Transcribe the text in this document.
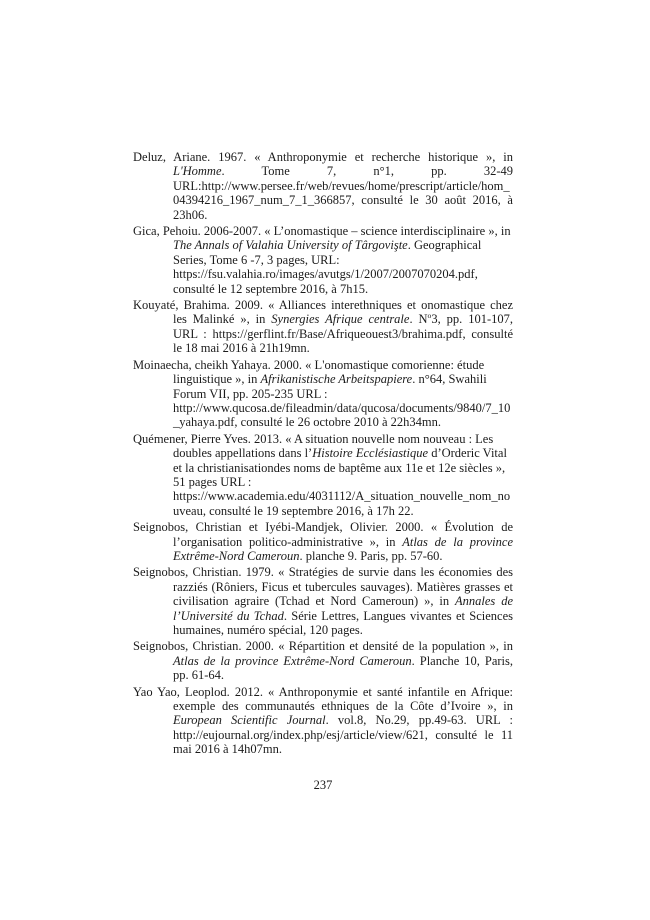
Deluz, Ariane. 1967. « Anthroponymie et recherche historique », in L'Homme. Tome 7, n°1, pp. 32-49 URL:http://www.persee.fr/web/revues/home/prescript/article/hom_04394216_1967_num_7_1_366857, consulté le 30 août 2016, à 23h06.

Gica, Pehoiu. 2006-2007. « L’onomastique – science interdisciplinaire », in The Annals of Valahia University of Târgovişte. Geographical Series, Tome 6 -7, 3 pages, URL:
https://fsu.valahia.ro/images/avutgs/1/2007/2007070204.pdf, consulté le 12 septembre 2016, à 7h15.

Kouyaté, Brahima. 2009. « Alliances interethniques et onomastique chez les Malinké », in Synergies Afrique centrale. $N^o3$, pp. 101-107, URL : https://gerflint.fr/Base/Afriqueouest3/brahima.pdf, consulté le 18 mai 2016 à 21h19mn.

Moinaecha, cheikh Yahaya. 2000. « L'onomastique comorienne: étude linguistique », in Afrikanistische Arbeitspapiere. n°64, Swahili Forum VII, pp. 205-235 URL :
http://www.qucosa.de/fileadmin/data/qucosa/documents/9840/7_10_yahaya.pdf, consulté le 26 octobre 2010 à 22h34mn.

Quémener, Pierre Yves. 2013. « A situation nouvelle nom nouveau : Les doubles appellations dans l’Histoire Ecclésiastique d’Orderic Vital et la christianisationdes noms de baptême aux 11e et 12e siècles », 51 pages URL :
https://www.academia.edu/4031112/A_situation_nouvelle_nom_nouveau, consulté le 19 septembre 2016, à 17h 22.

Seignobos, Christian et Iyébi-Mandjek, Olivier. 2000. « Évolution de l’organisation politico-administrative », in Atlas de la province Extrême-Nord Cameroun. planche 9. Paris, pp. 57-60.

Seignobos, Christian. 1979. « Stratégies de survie dans les économies des razziés (Rôniers, Ficus et tubercules sauvages). Matières grasses et civilisation agraire (Tchad et Nord Cameroun) », in Annales de l’Université du Tchad. Série Lettres, Langues vivantes et Sciences humaines, numéro spécial, 120 pages.

Seignobos, Christian. 2000. « Répartition et densité de la population », in Atlas de la province Extrême-Nord Cameroun. Planche 10, Paris, pp. 61-64.

Yao Yao, Leoplod. 2012. « Anthroponymie et santé infantile en Afrique: exemple des communautés ethniques de la Côte d’Ivoire », in European Scientific Journal. vol.8, No.29, pp.49-63. URL : http://eujournal.org/index.php/esj/article/view/621, consulté le 11 mai 2016 à 14h07mn.

237
